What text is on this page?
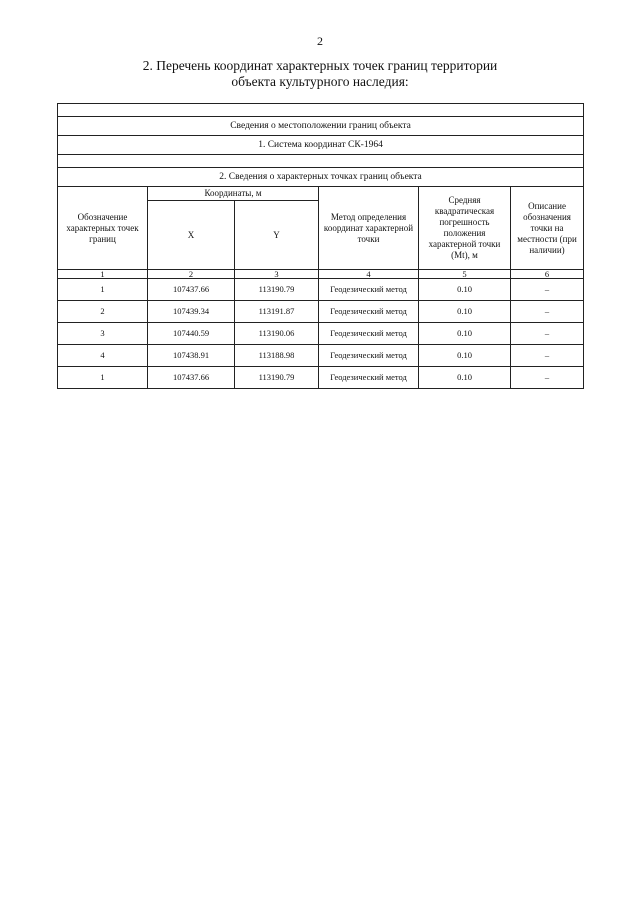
2
2. Перечень координат характерных точек границ территории
объекта культурного наследия:

Сведения о местоположении границ объекта					
1. Система координат СК-1964					

2. Сведения о характерных точках границ объекта					
Обозначение характерных точек границ	Координаты, м		Метод определения координат характерной точки	Средняя квадратическая погрешность положения характерной точки (Mt), м	Описание обозначения точки на местности (при наличии)
	X	Y			
1	2	3	4	5	6
1	107437.66	113190.79	Геодезический метод	0.10	–
2	107439.34	113191.87	Геодезический метод	0.10	–
3	107440.59	113190.06	Геодезический метод	0.10	–
4	107438.91	113188.98	Геодезический метод	0.10	–
1	107437.66	113190.79	Геодезический метод	0.10	–
